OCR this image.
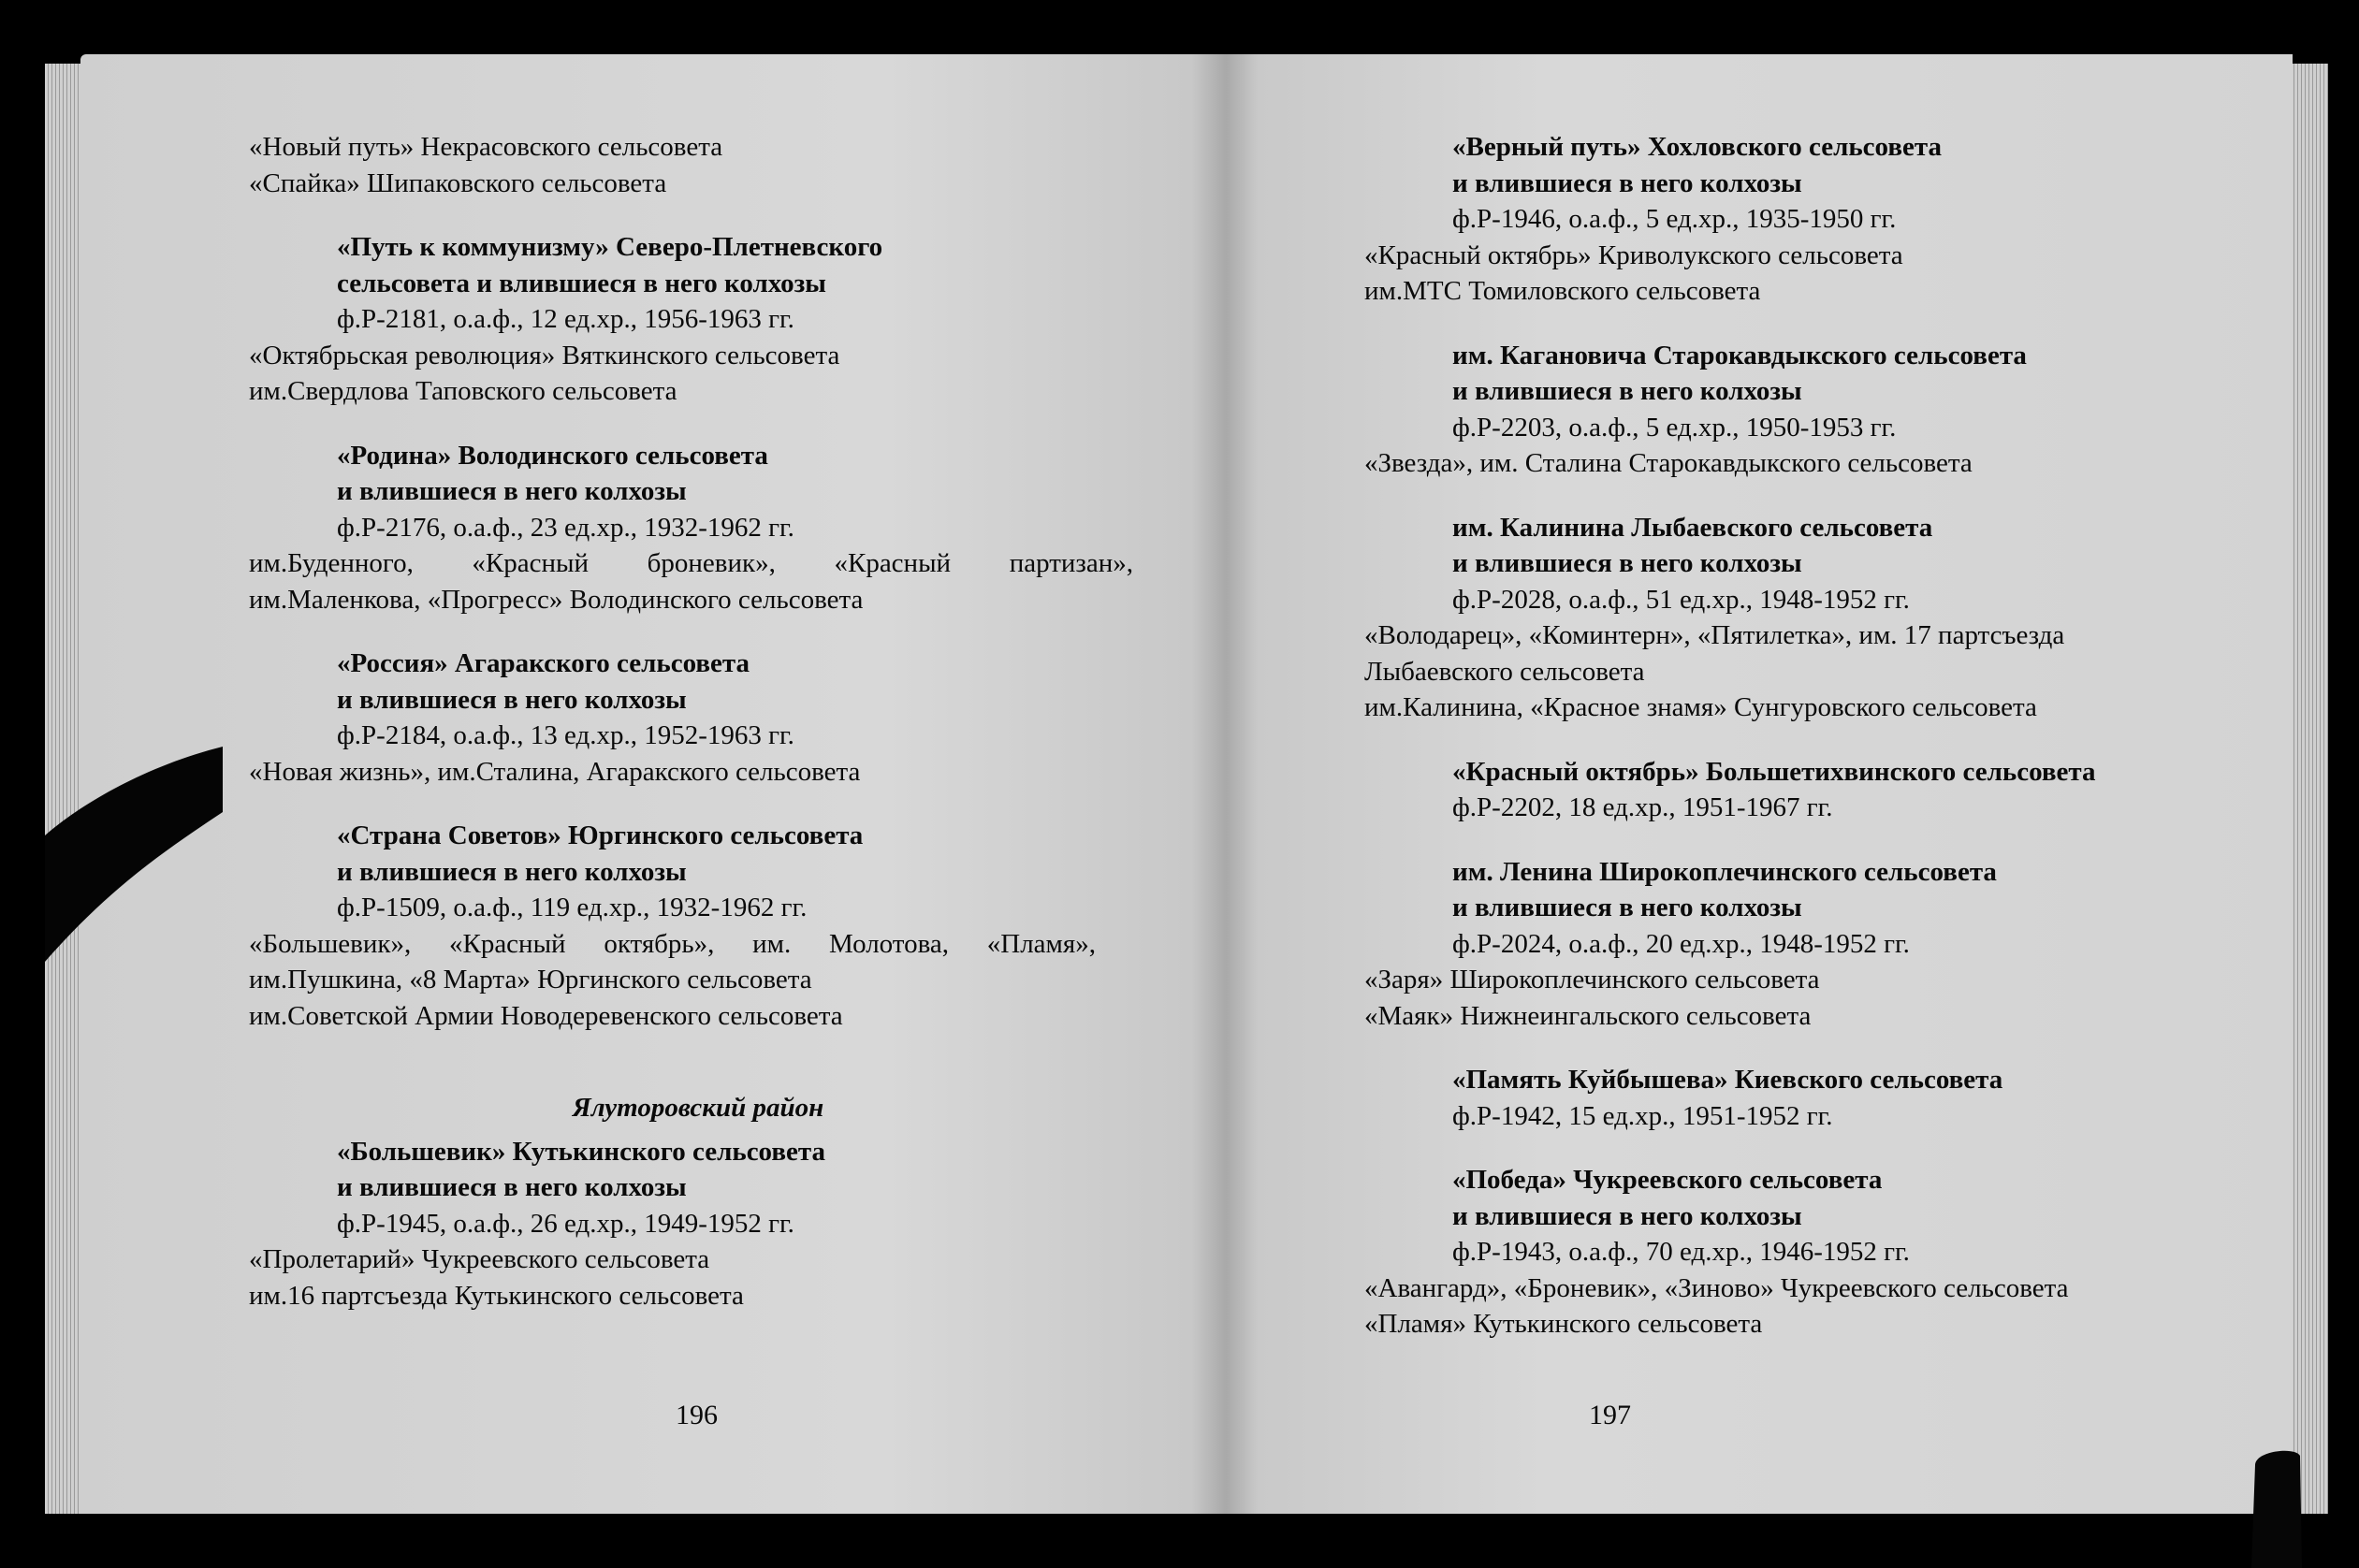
«Новый путь» Некрасовского сельсовета
«Спайка» Шипаковского сельсовета
«Путь к коммунизму» Северо-Плетневского
сельсовета и влившиеся в него колхозы
ф.Р-2181, о.а.ф., 12 ед.хр., 1956-1963 гг.
«Октябрьская революция» Вяткинского сельсовета
им.Свердлова Таповского сельсовета
«Родина» Володинского сельсовета
и влившиеся в него колхозы
ф.Р-2176, о.а.ф., 23 ед.хр., 1932-1962 гг.
им.Буденного, «Красный броневик», «Красный партизан»,
им.Маленкова, «Прогресс» Володинского сельсовета
«Россия» Агаракского сельсовета
и влившиеся в него колхозы
ф.Р-2184, о.а.ф., 13 ед.хр., 1952-1963 гг.
«Новая жизнь», им.Сталина, Агаракского сельсовета
«Страна Советов» Юргинского сельсовета
и влившиеся в него колхозы
ф.Р-1509, о.а.ф., 119 ед.хр., 1932-1962 гг.
«Большевик», «Красный октябрь», им. Молотова, «Пламя»,
им.Пушкина, «8 Марта» Юргинского сельсовета
им.Советской Армии Новодеревенского сельсовета
Ялуторовский район
«Большевик» Кутькинского сельсовета
и влившиеся в него колхозы
ф.Р-1945, о.а.ф., 26 ед.хр., 1949-1952 гг.
«Пролетарий» Чукреевского сельсовета
им.16 партсъезда Кутькинского сельсовета
196
«Верный путь» Хохловского сельсовета
и влившиеся в него колхозы
ф.Р-1946, о.а.ф., 5 ед.хр., 1935-1950 гг.
«Красный октябрь» Криволукского сельсовета
им.МТС Томиловского сельсовета
им. Кагановича Старокавдыкского сельсовета
и влившиеся в него колхозы
ф.Р-2203, о.а.ф., 5 ед.хр., 1950-1953 гг.
«Звезда», им. Сталина Старокавдыкского сельсовета
им. Калинина Лыбаевского сельсовета
и влившиеся в него колхозы
ф.Р-2028, о.а.ф., 51 ед.хр., 1948-1952 гг.
«Володарец», «Коминтерн», «Пятилетка», им. 17 партсъезда
Лыбаевского сельсовета
им.Калинина, «Красное знамя» Сунгуровского сельсовета
«Красный октябрь» Большетихвинского сельсовета
ф.Р-2202, 18 ед.хр., 1951-1967 гг.
им. Ленина Широкоплечинского сельсовета
и влившиеся в него колхозы
ф.Р-2024, о.а.ф., 20 ед.хр., 1948-1952 гг.
«Заря» Широкоплечинского сельсовета
«Маяк» Нижнеингальского сельсовета
«Память Куйбышева» Киевского сельсовета
ф.Р-1942, 15 ед.хр., 1951-1952 гг.
«Победа» Чукреевского сельсовета
и влившиеся в него колхозы
ф.Р-1943, о.а.ф., 70 ед.хр., 1946-1952 гг.
«Авангард», «Броневик», «Зиново» Чукреевского сельсовета
«Пламя» Кутькинского сельсовета
197
